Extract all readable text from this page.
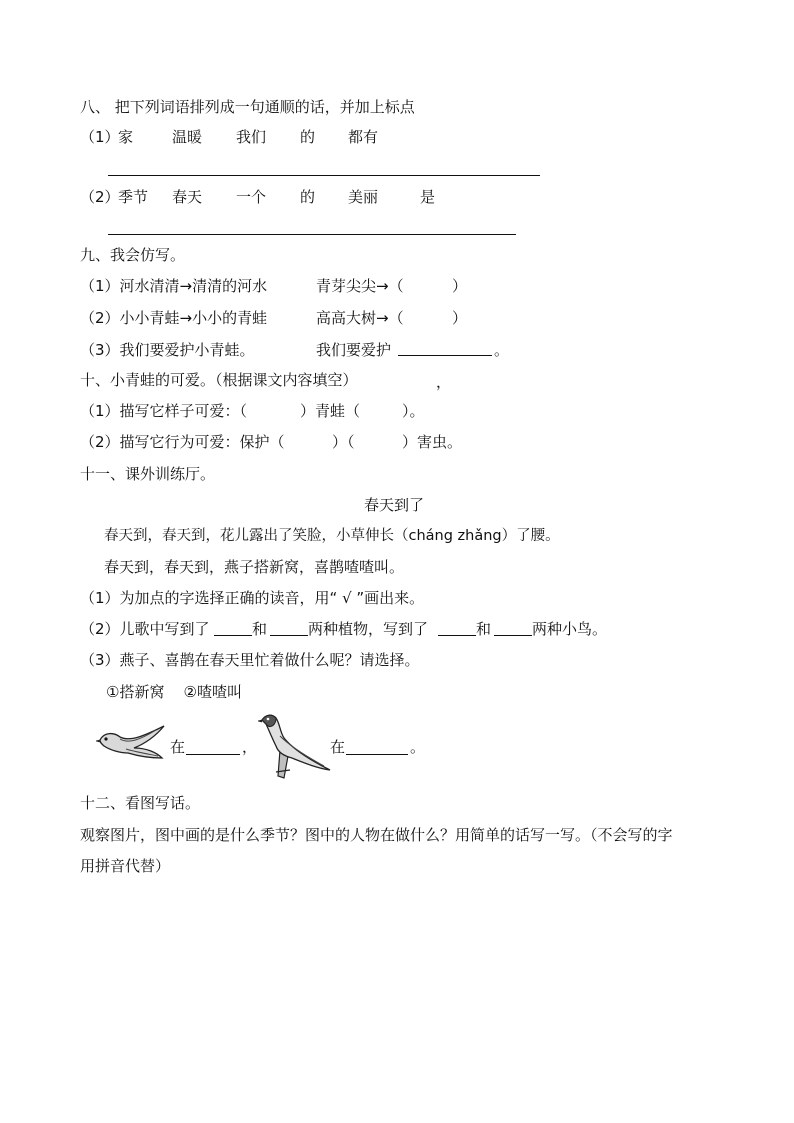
八、 把下列词语排列成一句通顺的话，并加上标点
（1）
家	温暖 我们 的 都有
（2）
季节 春天 一个 的 美丽	是
九、我会仿写。
（1）河水清清→清清的河水	青芽尖尖→（	）
（2）小小青蛙→小小的青蛙	高高大树→（	）
（3）我们要爱护小青蛙。	我们要爱护	。
十、小青蛙的可爱。（根据课文内容填空）	，
（1）描写它样子可爱：（	）青蛙（	）。
（2）描写它行为可爱：保护（	）（	）害虫。
十一、课外训练厅。
春天到了
春天到，春天到，花儿露出了笑脸，小草伸长（cháng zhǎng）了腰。
春天到，春天到，燕子搭新窝，喜鹊喳喳叫。
（1）为加点的字选择正确的读音，用“ √ ”画出来。
（2）儿歌中写到了	和	两种植物，写到了	和	两种小鸟。
（3）燕子、喜鹊在春天里忙着做什么呢？请选择。
①搭新窝    ②喳喳叫
在	，	在	。
十二、看图写话。
观察图片，图中画的是什么季节？图中的人物在做什么？用简单的话写一写。（不会写的字
用拼音代替）
